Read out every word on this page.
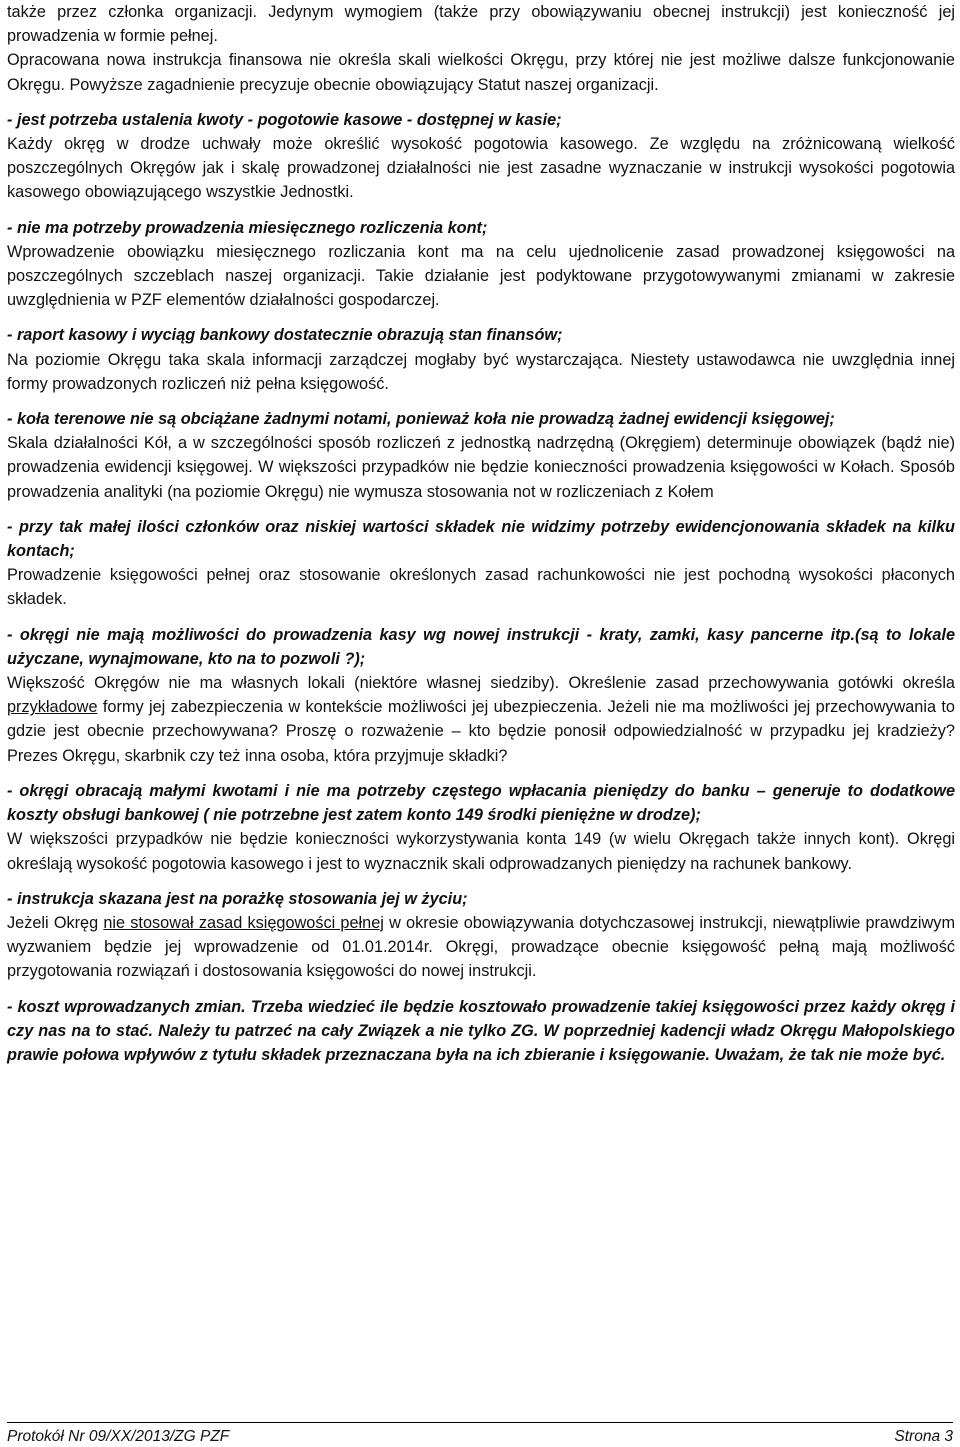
także przez członka organizacji. Jedynym wymogiem (także przy obowiązywaniu obecnej instrukcji) jest konieczność jej prowadzenia w formie pełnej.

Opracowana nowa instrukcja finansowa nie określa skali wielkości Okręgu, przy której nie jest możliwe dalsze funkcjonowanie Okręgu. Powyższe zagadnienie precyzuje obecnie obowiązujący Statut naszej organizacji.

- jest potrzeba ustalenia kwoty - pogotowie kasowe - dostępnej w kasie;

Każdy okręg w drodze uchwały może określić wysokość pogotowia kasowego. Ze względu na zróżnicowaną wielkość poszczególnych Okręgów jak i skalę prowadzonej działalności nie jest zasadne wyznaczanie w instrukcji wysokości pogotowia kasowego obowiązującego wszystkie Jednostki.

- nie ma potrzeby prowadzenia miesięcznego rozliczenia kont;

Wprowadzenie obowiązku miesięcznego rozliczania kont ma na celu ujednolicenie zasad prowadzonej księgowości na poszczególnych szczeblach naszej organizacji. Takie działanie jest podyktowane przygotowywanymi zmianami w zakresie uwzględnienia w PZF elementów działalności gospodarczej.

- raport kasowy i wyciąg bankowy dostatecznie obrazują stan finansów;

Na poziomie Okręgu taka skala informacji zarządczej mogłaby być wystarczająca. Niestety ustawodawca nie uwzględnia innej formy prowadzonych rozliczeń niż pełna księgowość.

- koła terenowe nie są obciążane żadnymi notami, ponieważ koła nie prowadzą żadnej ewidencji księgowej;

Skala działalności Kół, a w szczególności sposób rozliczeń z jednostką nadrzędną (Okręgiem) determinuje obowiązek (bądź nie) prowadzenia ewidencji księgowej. W większości przypadków nie będzie konieczności prowadzenia księgowości w Kołach. Sposób prowadzenia analityki (na poziomie Okręgu) nie wymusza stosowania not w rozliczeniach z Kołem

- przy tak małej ilości członków oraz niskiej wartości składek nie widzimy potrzeby ewidencjonowania składek na kilku kontach;

Prowadzenie księgowości pełnej oraz stosowanie określonych zasad rachunkowości nie jest pochodną wysokości płaconych składek.

- okręgi nie mają możliwości do prowadzenia kasy wg nowej instrukcji - kraty, zamki, kasy pancerne itp.(są to lokale użyczane, wynajmowane, kto na to pozwoli ?);

Większość Okręgów nie ma własnych lokali (niektóre własnej siedziby). Określenie zasad przechowywania gotówki określa przykładowe formy jej zabezpieczenia w kontekście możliwości jej ubezpieczenia. Jeżeli nie ma możliwości jej przechowywania to gdzie jest obecnie przechowywana? Proszę o rozważenie – kto będzie ponosił odpowiedzialność w przypadku jej kradzieży? Prezes Okręgu, skarbnik czy też inna osoba, która przyjmuje składki?

- okręgi obracają małymi kwotami i nie ma potrzeby częstego wpłacania pieniędzy do banku – generuje to dodatkowe koszty obsługi bankowej ( nie potrzebne jest zatem konto 149 środki pieniężne w drodze);

W większości przypadków nie będzie konieczności wykorzystywania konta 149 (w wielu Okręgach także innych kont). Okręgi określają wysokość pogotowia kasowego i jest to wyznacznik skali odprowadzanych pieniędzy na rachunek bankowy.

- instrukcja skazana jest na porażkę stosowania jej w życiu;

Jeżeli Okręg nie stosował zasad księgowości pełnej w okresie obowiązywania dotychczasowej instrukcji, niewątpliwie prawdziwym wyzwaniem będzie jej wprowadzenie od 01.01.2014r. Okręgi, prowadzące obecnie księgowość pełną mają możliwość przygotowania rozwiązań i dostosowania księgowości do nowej instrukcji.

- koszt wprowadzanych zmian. Trzeba wiedzieć ile będzie kosztowało prowadzenie takiej księgowości przez każdy okręg i czy nas na to stać. Należy tu patrzeć na cały Związek a nie tylko ZG. W poprzedniej kadencji władz Okręgu Małopolskiego prawie połowa wpływów z tytułu składek przeznaczana była na ich zbieranie i księgowanie. Uważam, że tak nie może być.
Protokół Nr 09/XX/2013/ZG PZF	Strona 3
